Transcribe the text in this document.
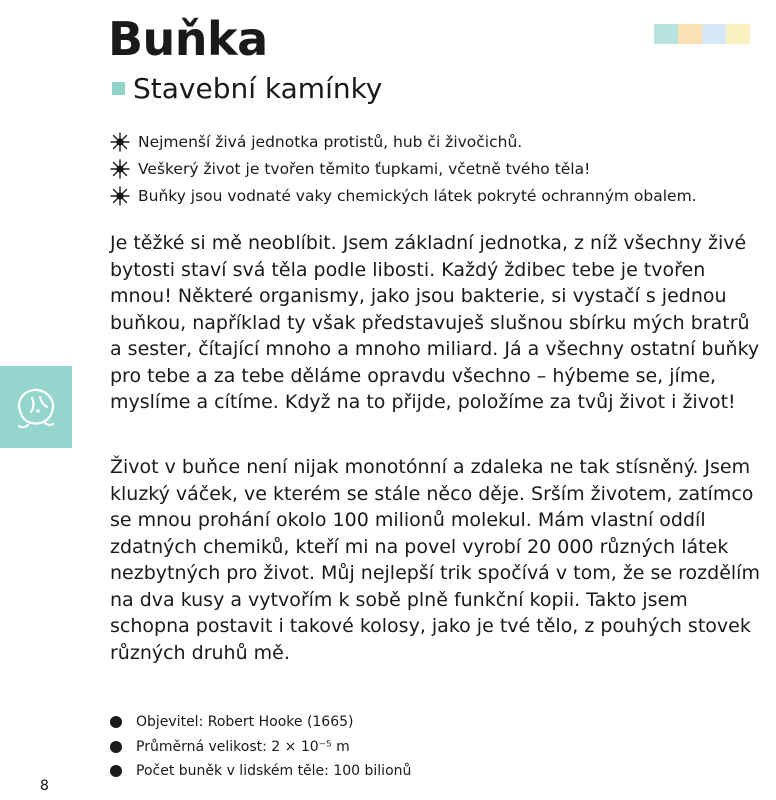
Buňka
Stavební kamínky
Nejmenší živá jednotka protistů, hub či živočichů.
Veškerý život je tvořen těmito ťupkami, včetně tvého těla!
Buňky jsou vodnaté vaky chemických látek pokryté ochranným obalem.

Je těžké si mě neoblíbit. Jsem základní jednotka, z níž všechny živé bytosti staví svá těla podle libosti. Každý ždibec tebe je tvořen mnou! Některé organismy, jako jsou bakterie, si vystačí s jednou buňkou, například ty však představuješ slušnou sbírku mých bratrů a sester, čítající mnoho a mnoho miliard. Já a všechny ostatní buňky pro tebe a za tebe děláme opravdu všechno – hýbeme se, jíme, myslíme a cítíme. Když na to přijde, položíme za tvůj život i život!

Život v buňce není nijak monotónní a zdaleka ne tak stísněný. Jsem kluzký váček, ve kterém se stále něco děje. Srším životem, zatímco se mnou prohání okolo 100 milionů molekul. Mám vlastní oddíl zdatných chemiků, kteří mi na povel vyrobí 20 000 různých látek nezbytných pro život. Můj nejlepší trik spočívá v tom, že se rozdělím na dva kusy a vytvořím k sobě plně funkční kopii. Takto jsem schopna postavit i takové kolosy, jako je tvé tělo, z pouhých stovek různých druhů mě.

Objevitel:
Robert Hooke (1665)
Průměrná velikost:
2 × 10⁻⁵ m
Počet buněk v lidském těle:
100 bilionů
8
